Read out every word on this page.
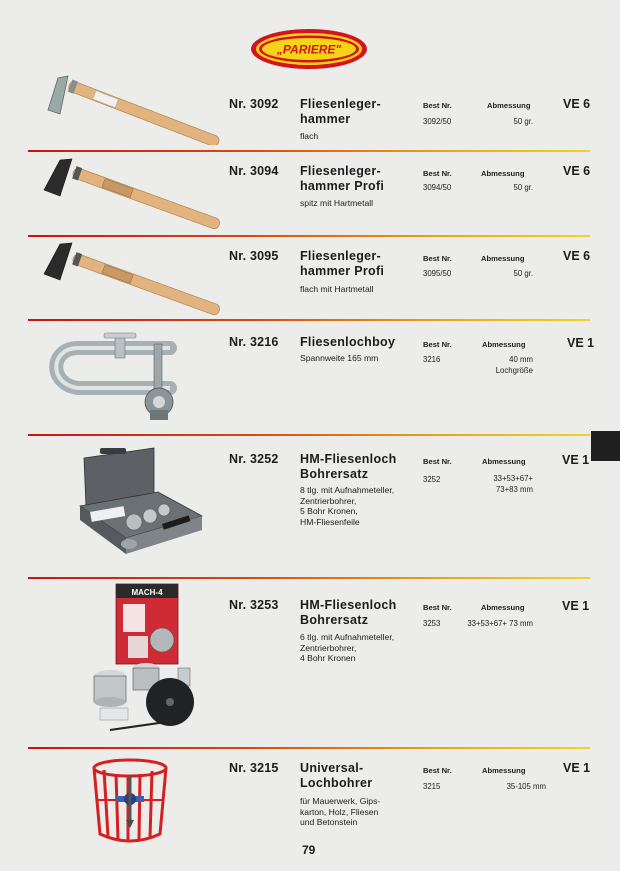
„PARIERE"
Nr. 3092 Fliesenleger-
hammer
flach
Best Nr.	Abmessung	VE 6
3092/50	50 gr.
Nr. 3094 Fliesenleger-
hammer Profi
spitz mit Hartmetall
Best Nr.	Abmessung	VE 6
3094/50	50 gr.
Nr. 3095 Fliesenleger-
hammer Profi
flach mit Hartmetall
Best Nr.	Abmessung	VE 6
3095/50	50 gr.
Nr. 3216 Fliesenlochboy
Spannweite 165 mm
Best Nr.	Abmessung	VE 1
3216	40 mm
Lochgröße
Nr. 3252 HM-Fliesenloch
Bohrersatz
8 tlg. mit Aufnahmeteller,
Zentrierbohrer,
5 Bohr Kronen,
HM-Fliesenfeile
Best Nr.	Abmessung	VE 1
3252	33+53+67+
73+83 mm
MACH-4
Nr. 3253 HM-Fliesenloch
Bohrersatz
6 tlg. mit Aufnahmeteller,
Zentrierbohrer,
4 Bohr Kronen
Best Nr.	Abmessung	VE 1
3253	33+53+67+ 73 mm
Nr. 3215 Universal-
Lochbohrer
für Mauerwerk, Gips-
karton, Holz, Fliesen
und Betonstein
Best Nr.	Abmessung	VE 1
3215	35-105 mm
79
